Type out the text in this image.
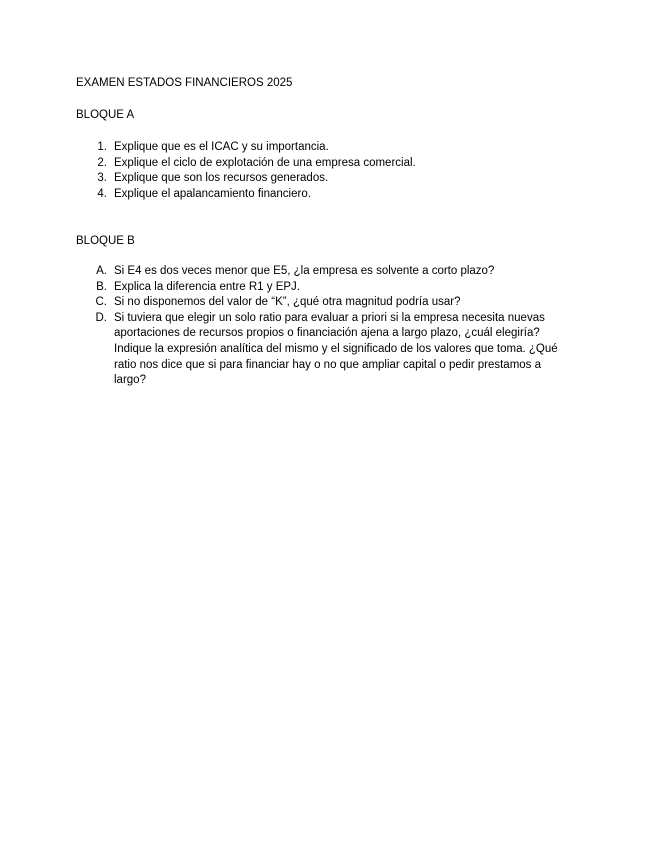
EXAMEN ESTADOS FINANCIEROS 2025
BLOQUE A
1. Explique que es el ICAC y su importancia.
2. Explique el ciclo de explotación de una empresa comercial.
3. Explique que son los recursos generados.
4. Explique el apalancamiento financiero.
BLOQUE B
A. Si E4 es dos veces menor que E5, ¿la empresa es solvente a corto plazo?
B. Explica la diferencia entre R1 y EPJ.
C. Si no disponemos del valor de “K”, ¿qué otra magnitud podría usar?
D. Si tuviera que elegir un solo ratio para evaluar a priori si la empresa necesita nuevas aportaciones de recursos propios o financiación ajena a largo plazo, ¿cuál elegiría? Indique la expresión analítica del mismo y el significado de los valores que toma. ¿Qué ratio nos dice que si para financiar hay o no que ampliar capital o pedir prestamos a largo?
